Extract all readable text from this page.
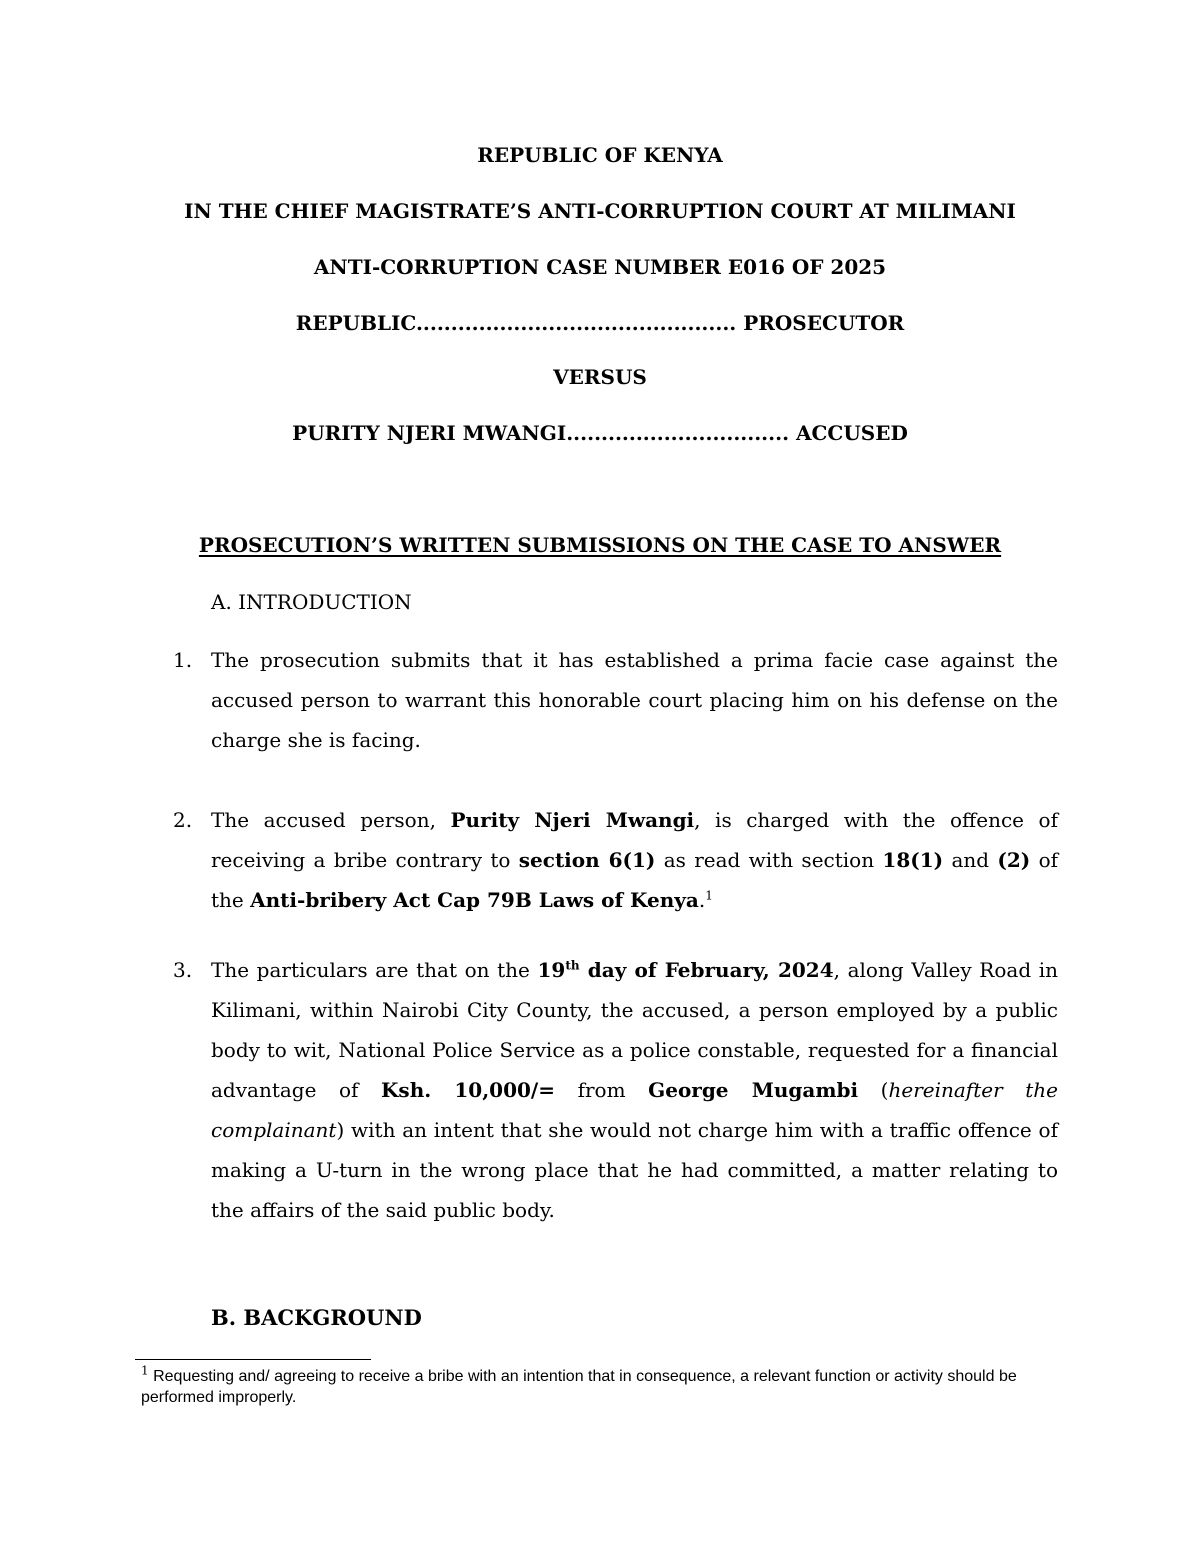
REPUBLIC OF KENYA
IN THE CHIEF MAGISTRATE’S ANTI-CORRUPTION COURT AT MILIMANI
ANTI-CORRUPTION CASE NUMBER E016 OF 2025
REPUBLIC.............................................. PROSECUTOR
VERSUS
PURITY NJERI MWANGI................................ ACCUSED
PROSECUTION’S WRITTEN SUBMISSIONS ON THE CASE TO ANSWER
A. INTRODUCTION
1. The prosecution submits that it has established a prima facie case against the accused person to warrant this honorable court placing him on his defense on the charge she is facing.
2. The accused person, Purity Njeri Mwangi, is charged with the offence of receiving a bribe contrary to section 6(1) as read with section 18(1) and (2) of the Anti-bribery Act Cap 79B Laws of Kenya.$^1$
3. The particulars are that on the 19th day of February, 2024, along Valley Road in Kilimani, within Nairobi City County, the accused, a person employed by a public body to wit, National Police Service as a police constable, requested for a financial advantage of Ksh. 10,000/= from George Mugambi (hereinafter the complainant) with an intent that she would not charge him with a traffic offence of making a U-turn in the wrong place that he had committed, a matter relating to the affairs of the said public body.
B. BACKGROUND
$^1$ Requesting and/ agreeing to receive a bribe with an intention that in consequence, a relevant function or activity should be performed improperly.
